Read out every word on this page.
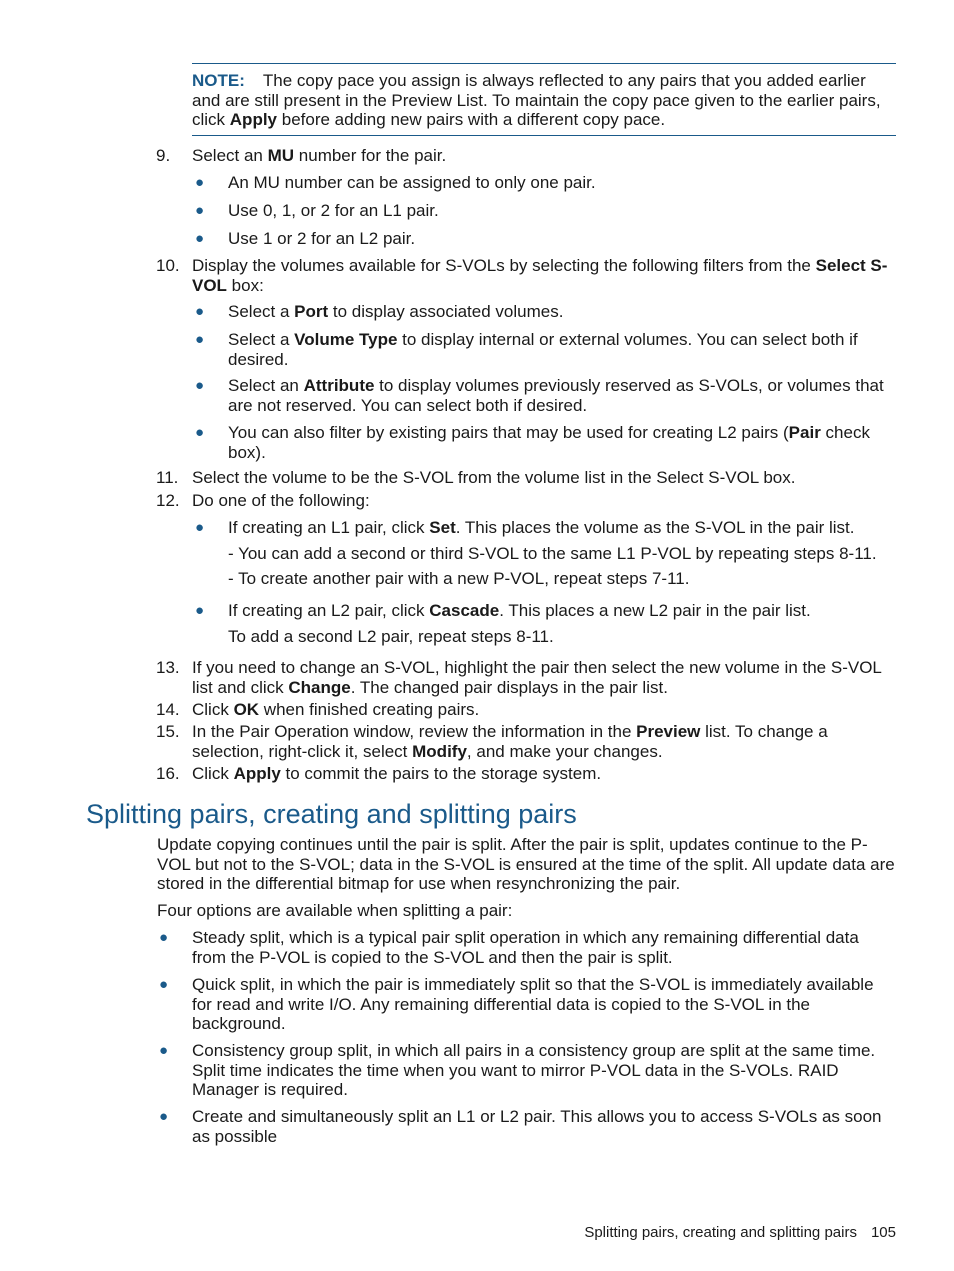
NOTE: The copy pace you assign is always reflected to any pairs that you added earlier and are still present in the Preview List. To maintain the copy pace given to the earlier pairs, click Apply before adding new pairs with a different copy pace.
9.	Select an MU number for the pair.
● An MU number can be assigned to only one pair.
● Use 0, 1, or 2 for an L1 pair.
● Use 1 or 2 for an L2 pair.
10. Display the volumes available for S-VOLs by selecting the following filters from the Select S-VOL box:
● Select a Port to display associated volumes.
● Select a Volume Type to display internal or external volumes. You can select both if desired.
● Select an Attribute to display volumes previously reserved as S-VOLs, or volumes that are not reserved. You can select both if desired.
● You can also filter by existing pairs that may be used for creating L2 pairs (Pair check box).
11. Select the volume to be the S-VOL from the volume list in the Select S-VOL box.
12. Do one of the following:
● If creating an L1 pair, click Set. This places the volume as the S-VOL in the pair list.
- You can add a second or third S-VOL to the same L1 P-VOL by repeating steps 8-11.
- To create another pair with a new P-VOL, repeat steps 7-11.
● If creating an L2 pair, click Cascade. This places a new L2 pair in the pair list.
To add a second L2 pair, repeat steps 8-11.
13. If you need to change an S-VOL, highlight the pair then select the new volume in the S-VOL list and click Change. The changed pair displays in the pair list.
14. Click OK when finished creating pairs.
15. In the Pair Operation window, review the information in the Preview list. To change a selection, right-click it, select Modify, and make your changes.
16. Click Apply to commit the pairs to the storage system.
Splitting pairs, creating and splitting pairs
Update copying continues until the pair is split. After the pair is split, updates continue to the P-VOL but not to the S-VOL; data in the S-VOL is ensured at the time of the split. All update data are stored in the differential bitmap for use when resynchronizing the pair.
Four options are available when splitting a pair:
● Steady split, which is a typical pair split operation in which any remaining differential data from the P-VOL is copied to the S-VOL and then the pair is split.
● Quick split, in which the pair is immediately split so that the S-VOL is immediately available for read and write I/O. Any remaining differential data is copied to the S-VOL in the background.
● Consistency group split, in which all pairs in a consistency group are split at the same time. Split time indicates the time when you want to mirror P-VOL data in the S-VOLs. RAID Manager is required.
● Create and simultaneously split an L1 or L2 pair. This allows you to access S-VOLs as soon as possible
Splitting pairs, creating and splitting pairs 105
